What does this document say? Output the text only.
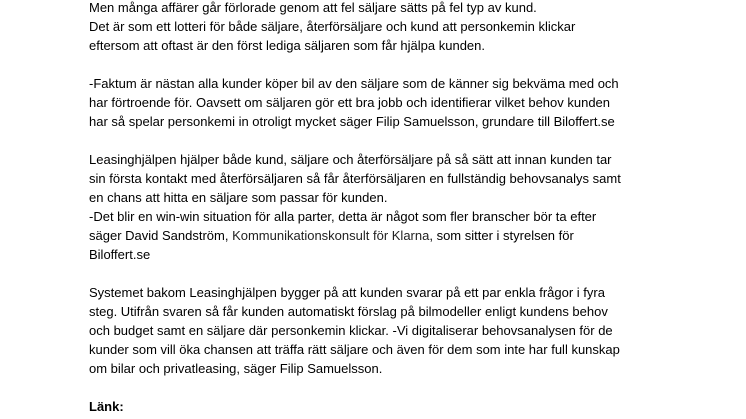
Men många affärer går förlorade genom att fel säljare sätts på fel typ av kund.
Det är som ett lotteri för både säljare, återförsäljare och kund att personkemin klickar
eftersom att oftast är den först lediga säljaren som får hjälpa kunden.
-Faktum är nästan alla kunder köper bil av den säljare som de känner sig bekväma med och
har förtroende för. Oavsett om säljaren gör ett bra jobb och identifierar vilket behov kunden
har så spelar personkemi in otroligt mycket säger Filip Samuelsson, grundare till Biloffert.se
Leasinghjälpen hjälper både kund, säljare och återförsäljare på så sätt att innan kunden tar
sin första kontakt med återförsäljaren så får återförsäljaren en fullständig behovsanalys samt
en chans att hitta en säljare som passar för kunden.
-Det blir en win-win situation för alla parter, detta är något som fler branscher bör ta efter
säger David Sandström, Kommunikationskonsult för Klarna, som sitter i styrelsen för
Biloffert.se
Systemet bakom Leasinghjälpen bygger på att kunden svarar på ett par enkla frågor i fyra
steg. Utifrån svaren så får kunden automatiskt förslag på bilmodeller enligt kundens behov
och budget samt en säljare där personkemin klickar. -Vi digitaliserar behovsanalysen för de
kunder som vill öka chansen att träffa rätt säljare och även för dem som inte har full kunskap
om bilar och privatleasing, säger Filip Samuelsson.
Länk:
